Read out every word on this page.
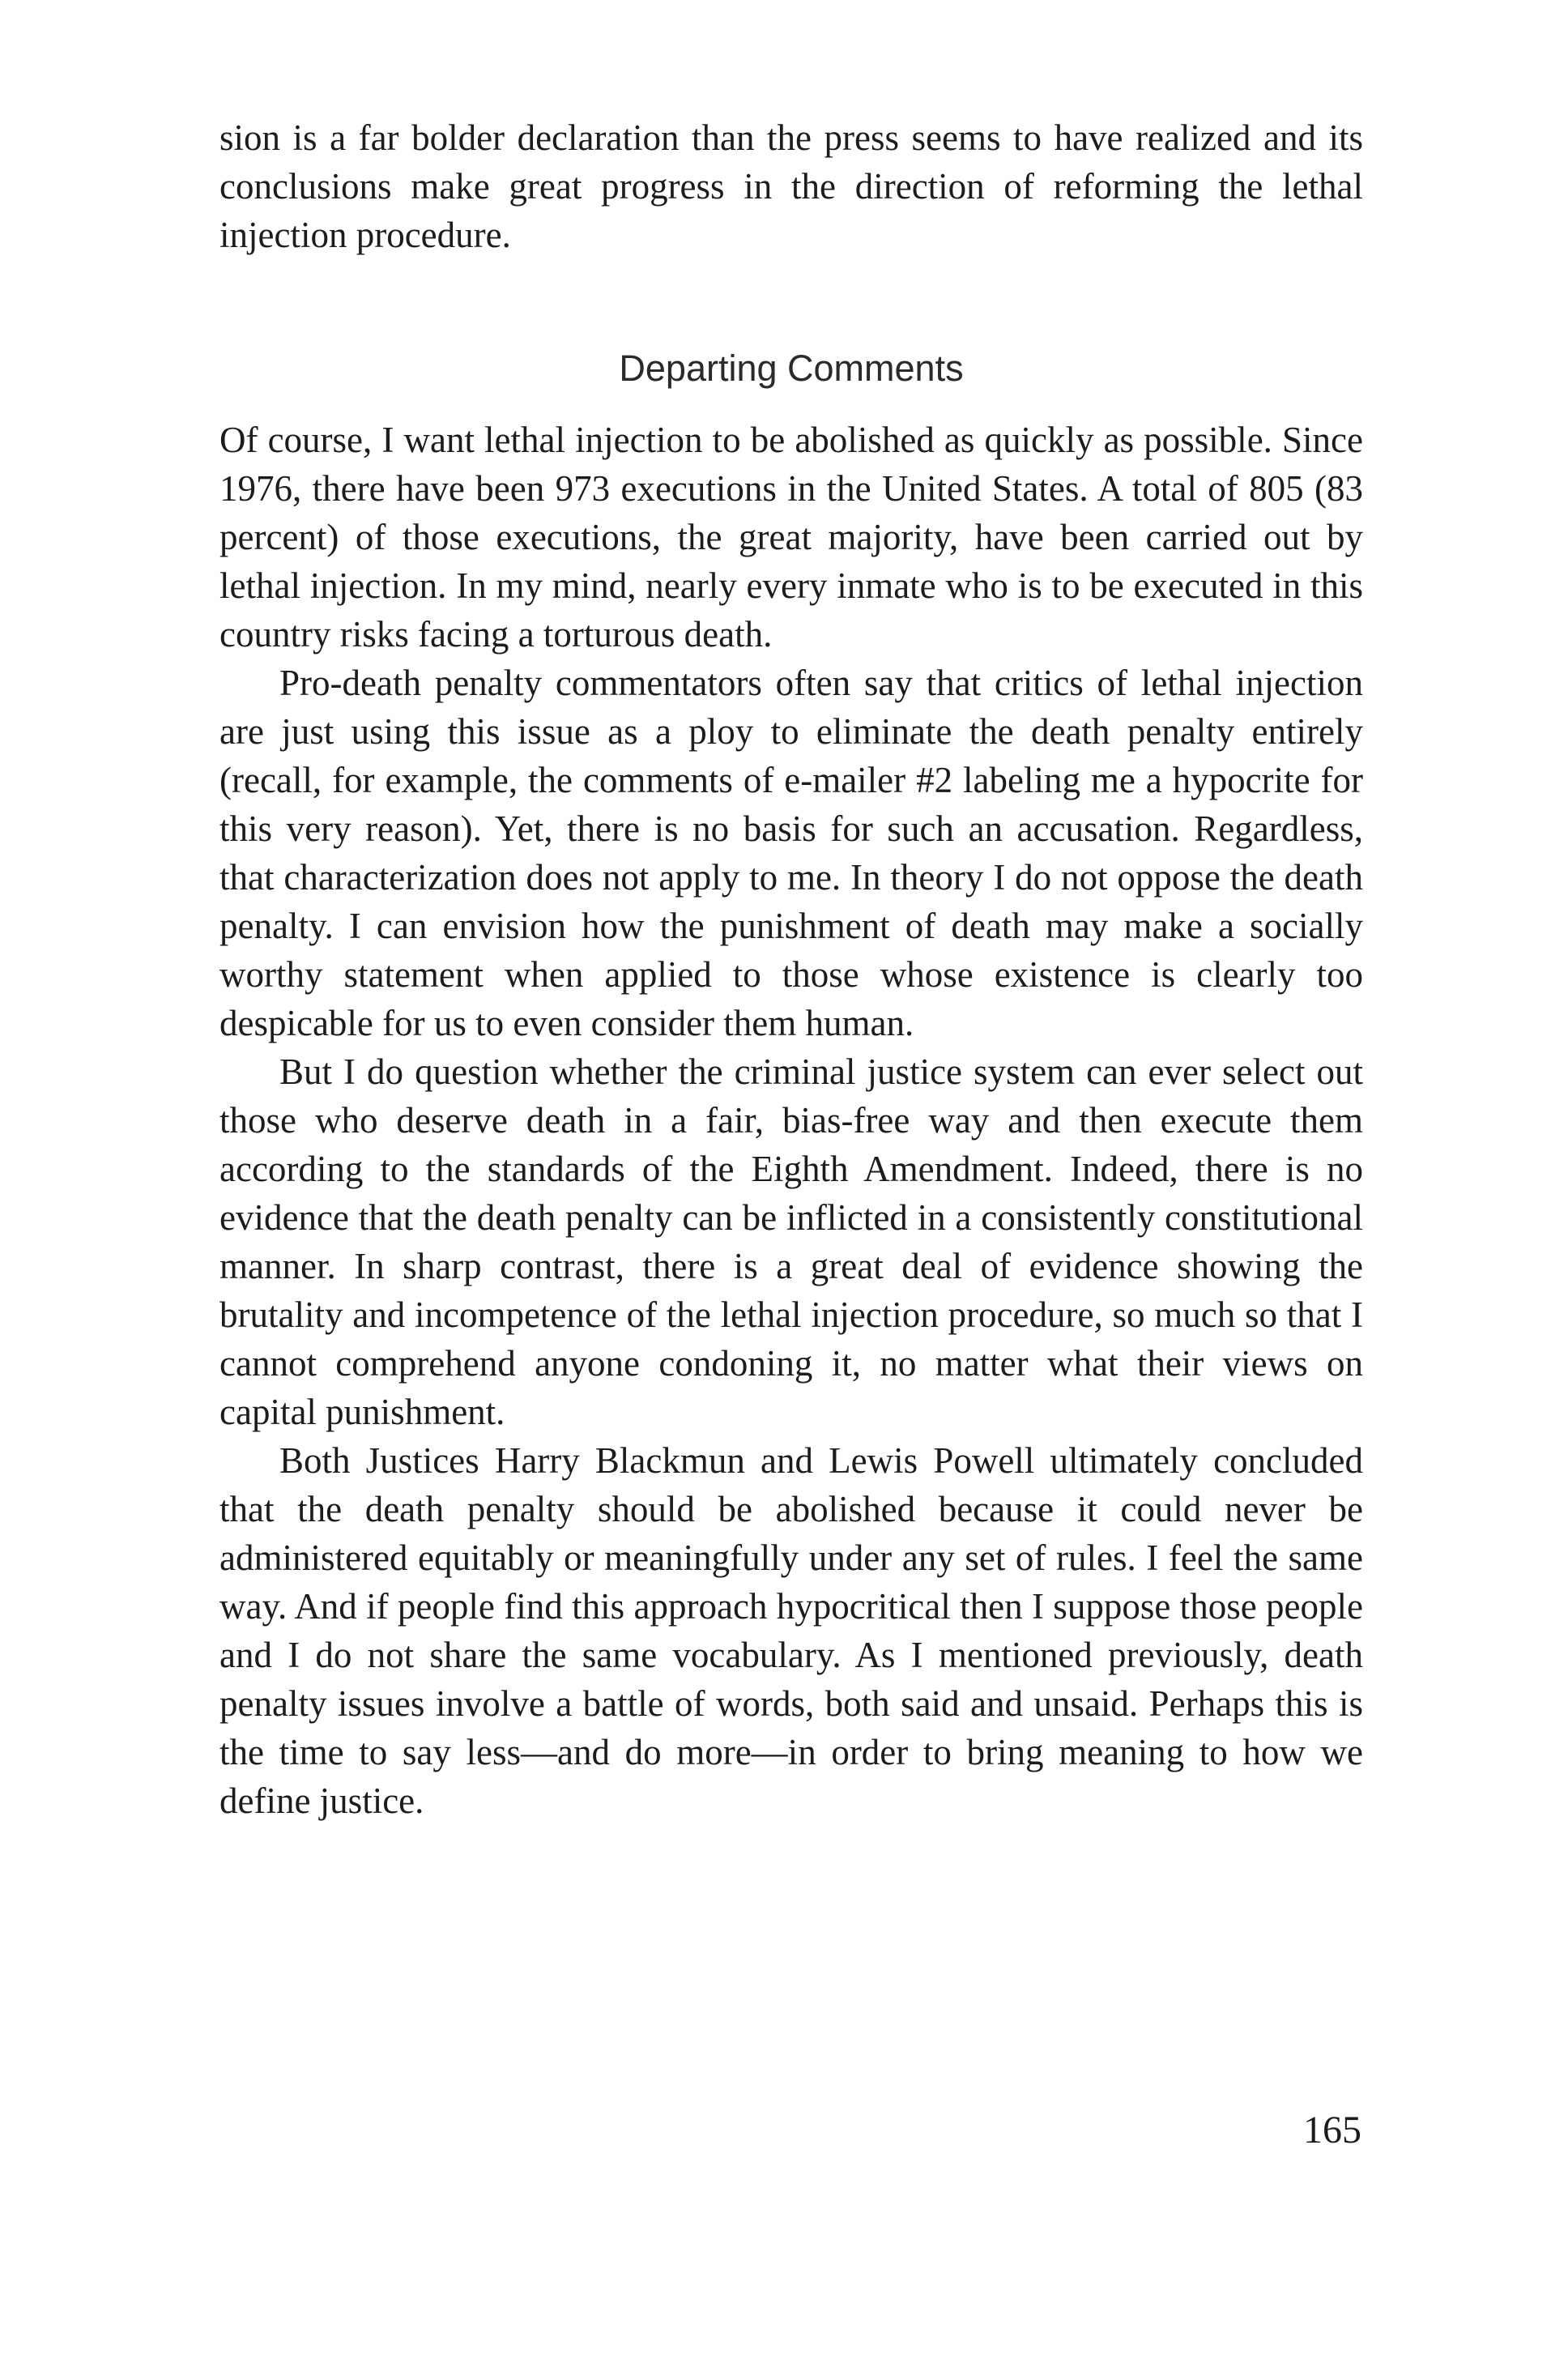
sion is a far bolder declaration than the press seems to have realized and its conclusions make great progress in the direction of reforming the lethal injection procedure.

Departing Comments

Of course, I want lethal injection to be abolished as quickly as possible. Since 1976, there have been 973 executions in the United States. A total of 805 (83 percent) of those executions, the great majority, have been carried out by lethal injection. In my mind, nearly every inmate who is to be executed in this country risks facing a torturous death.

Pro-death penalty commentators often say that critics of lethal injection are just using this issue as a ploy to eliminate the death penalty entirely (recall, for example, the comments of e-mailer #2 labeling me a hypocrite for this very reason). Yet, there is no basis for such an accusation. Regardless, that characterization does not apply to me. In theory I do not oppose the death penalty. I can envision how the punishment of death may make a socially worthy statement when applied to those whose existence is clearly too despicable for us to even consider them human.

But I do question whether the criminal justice system can ever select out those who deserve death in a fair, bias-free way and then execute them according to the standards of the Eighth Amendment. Indeed, there is no evidence that the death penalty can be inflicted in a consistently constitutional manner. In sharp contrast, there is a great deal of evidence showing the brutality and incompetence of the lethal injection procedure, so much so that I cannot comprehend anyone condoning it, no matter what their views on capital punishment.

Both Justices Harry Blackmun and Lewis Powell ultimately concluded that the death penalty should be abolished because it could never be administered equitably or meaningfully under any set of rules. I feel the same way. And if people find this approach hypocritical then I suppose those people and I do not share the same vocabulary. As I mentioned previously, death penalty issues involve a battle of words, both said and unsaid. Perhaps this is the time to say less—and do more—in order to bring meaning to how we define justice.

165
